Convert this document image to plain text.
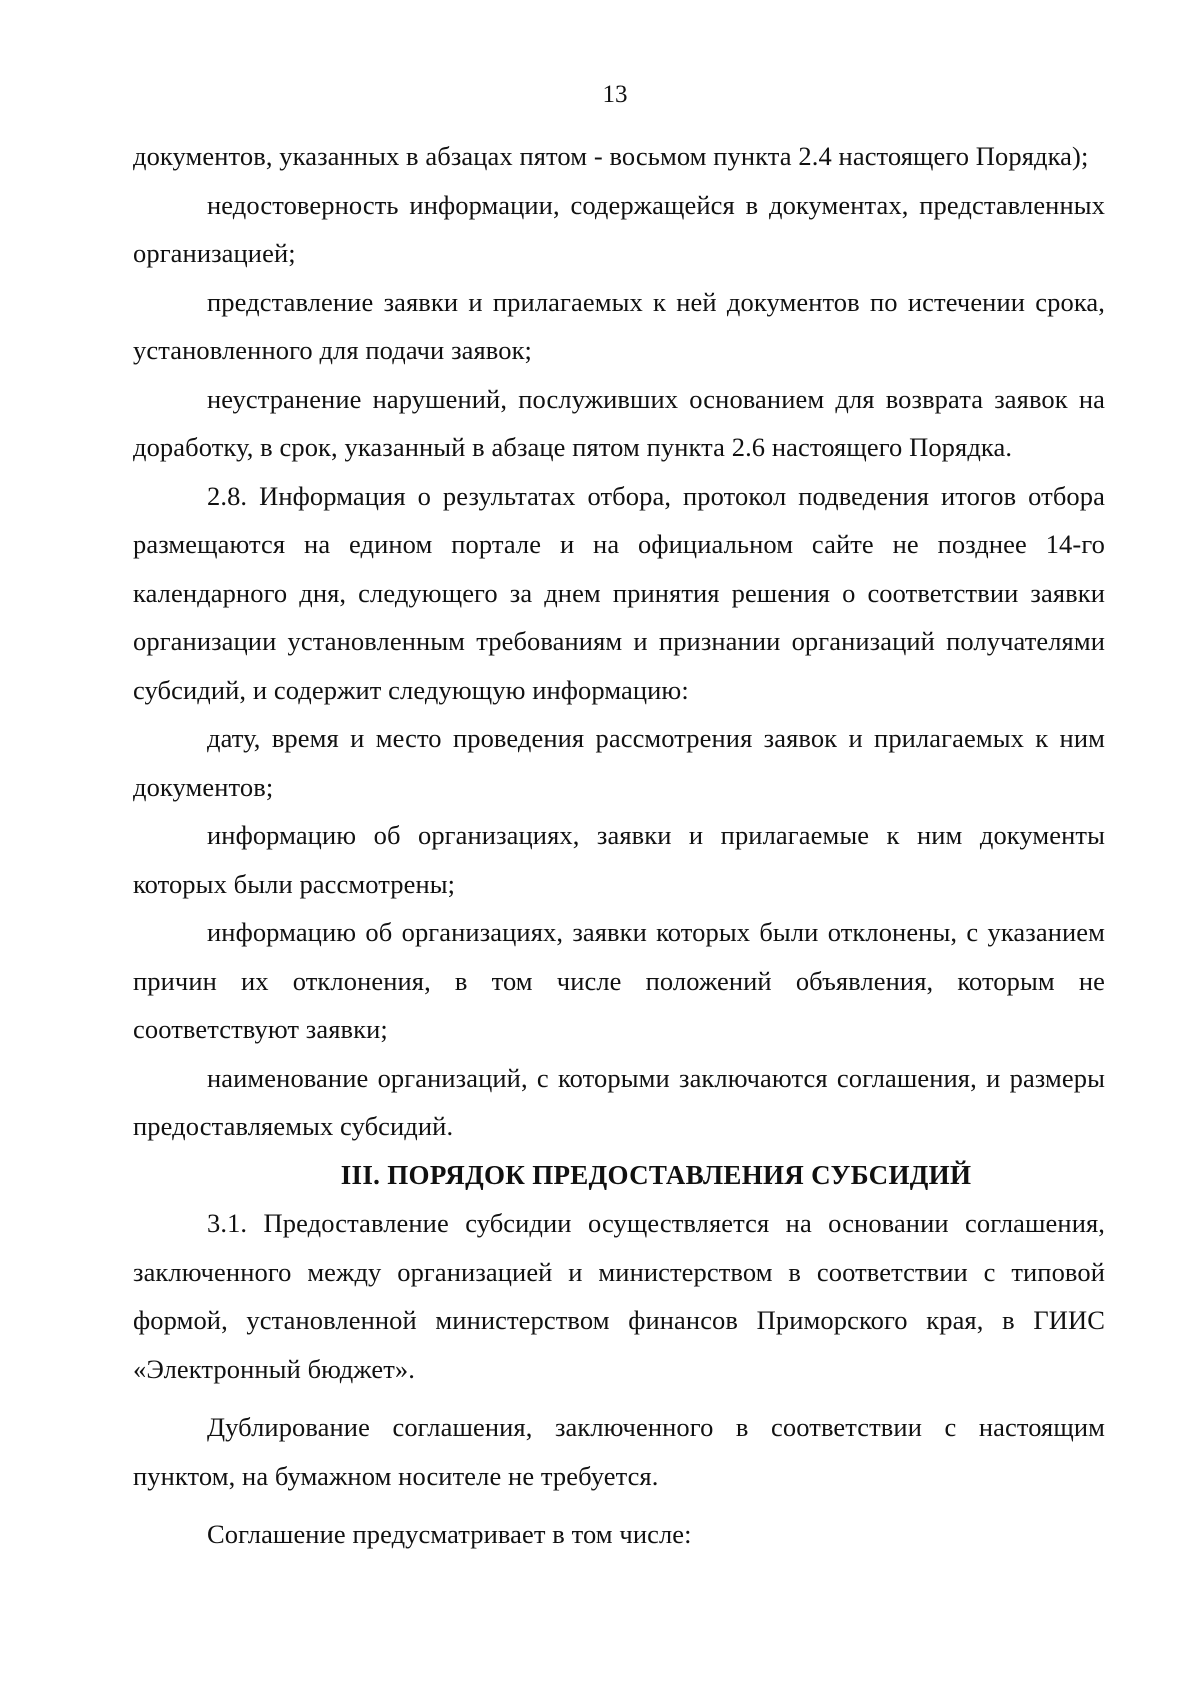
13

документов, указанных в абзацах пятом - восьмом пункта 2.4 настоящего Порядка);

недостоверность информации, содержащейся в документах, представленных организацией;

представление заявки и прилагаемых к ней документов по истечении срока, установленного для подачи заявок;

неустранение нарушений, послуживших основанием для возврата заявок на доработку, в срок, указанный в абзаце пятом пункта 2.6 настоящего Порядка.

2.8. Информация о результатах отбора, протокол подведения итогов отбора размещаются на едином портале и на официальном сайте не позднее 14-го календарного дня, следующего за днем принятия решения о соответствии заявки организации установленным требованиям и признании организаций получателями субсидий, и содержит следующую информацию:

дату, время и место проведения рассмотрения заявок и прилагаемых к ним документов;

информацию об организациях, заявки и прилагаемые к ним документы которых были рассмотрены;

информацию об организациях, заявки которых были отклонены, с указанием причин их отклонения, в том числе положений объявления, которым не соответствуют заявки;

наименование организаций, с которыми заключаются соглашения, и размеры предоставляемых субсидий.

III. ПОРЯДОК ПРЕДОСТАВЛЕНИЯ СУБСИДИЙ

3.1. Предоставление субсидии осуществляется на основании соглашения, заключенного между организацией и министерством в соответствии с типовой формой, установленной министерством финансов Приморского края, в ГИИС «Электронный бюджет».

Дублирование соглашения, заключенного в соответствии с настоящим пунктом, на бумажном носителе не требуется.

Соглашение предусматривает в том числе:
